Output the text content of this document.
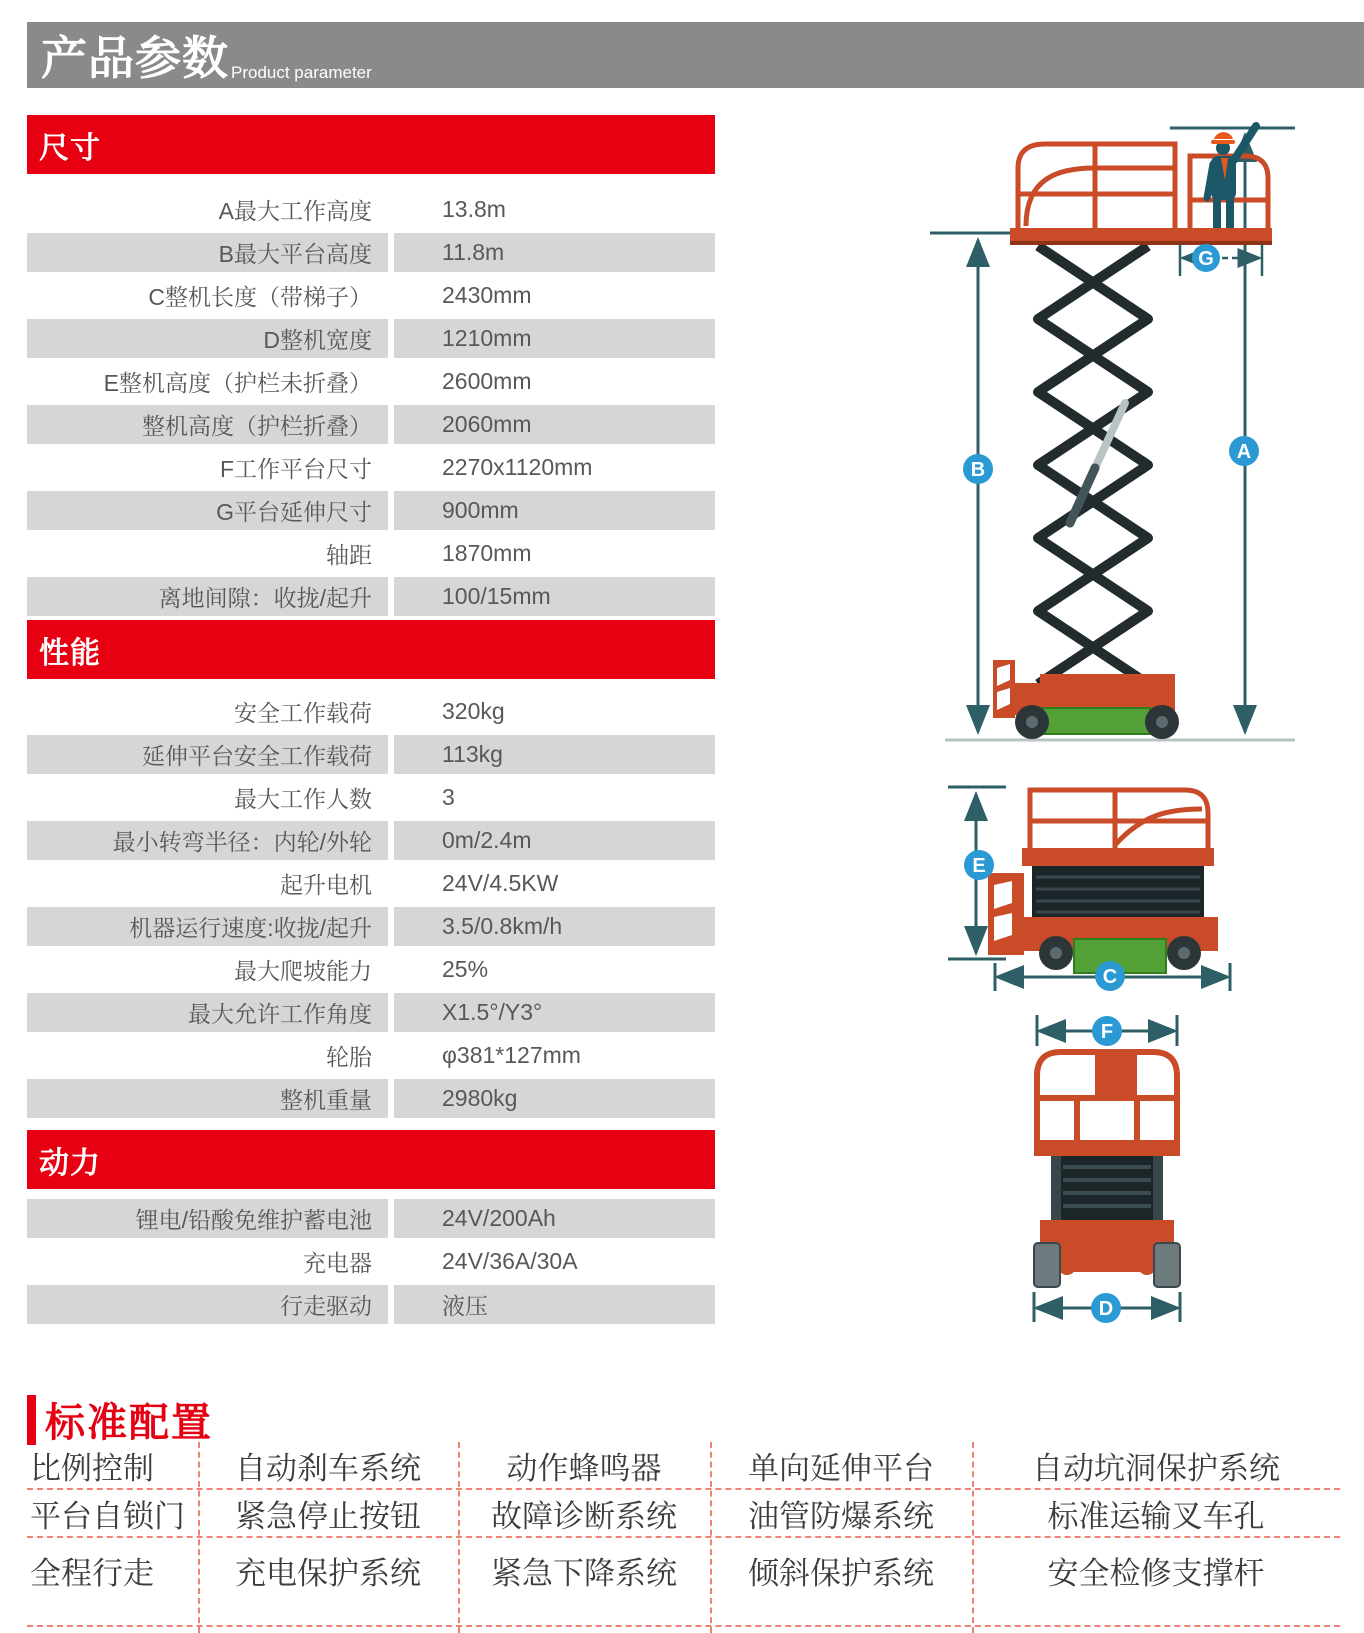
产品参数 Product parameter
尺寸
A最大工作高度	13.8m
B最大平台高度	11.8m
C整机长度（带梯子）	2430mm
D整机宽度	1210mm
E整机高度（护栏未折叠）	2600mm
整机高度（护栏折叠）	2060mm
F工作平台尺寸	2270x1120mm
G平台延伸尺寸	900mm
轴距	1870mm
离地间隙：收拢/起升	100/15mm
性能
安全工作载荷	320kg
延伸平台安全工作载荷	113kg
最大工作人数	3
最小转弯半径：内轮/外轮	0m/2.4m
起升电机	24V/4.5KW
机器运行速度:收拢/起升	3.5/0.8km/h
最大爬坡能力	25%
最大允许工作角度	X1.5°/Y3°
轮胎	φ381*127mm
整机重量	2980kg
动力
锂电/铅酸免维护蓄电池	24V/200Ah
充电器	24V/36A/30A
行走驱动	液压
A
B
G
E
C
F
D
标准配置
比例控制	自动刹车系统	动作蜂鸣器	单向延伸平台	自动坑洞保护系统
平台自锁门	紧急停止按钮	故障诊断系统	油管防爆系统	标准运输叉车孔
全程行走	充电保护系统	紧急下降系统	倾斜保护系统	安全检修支撑杆
